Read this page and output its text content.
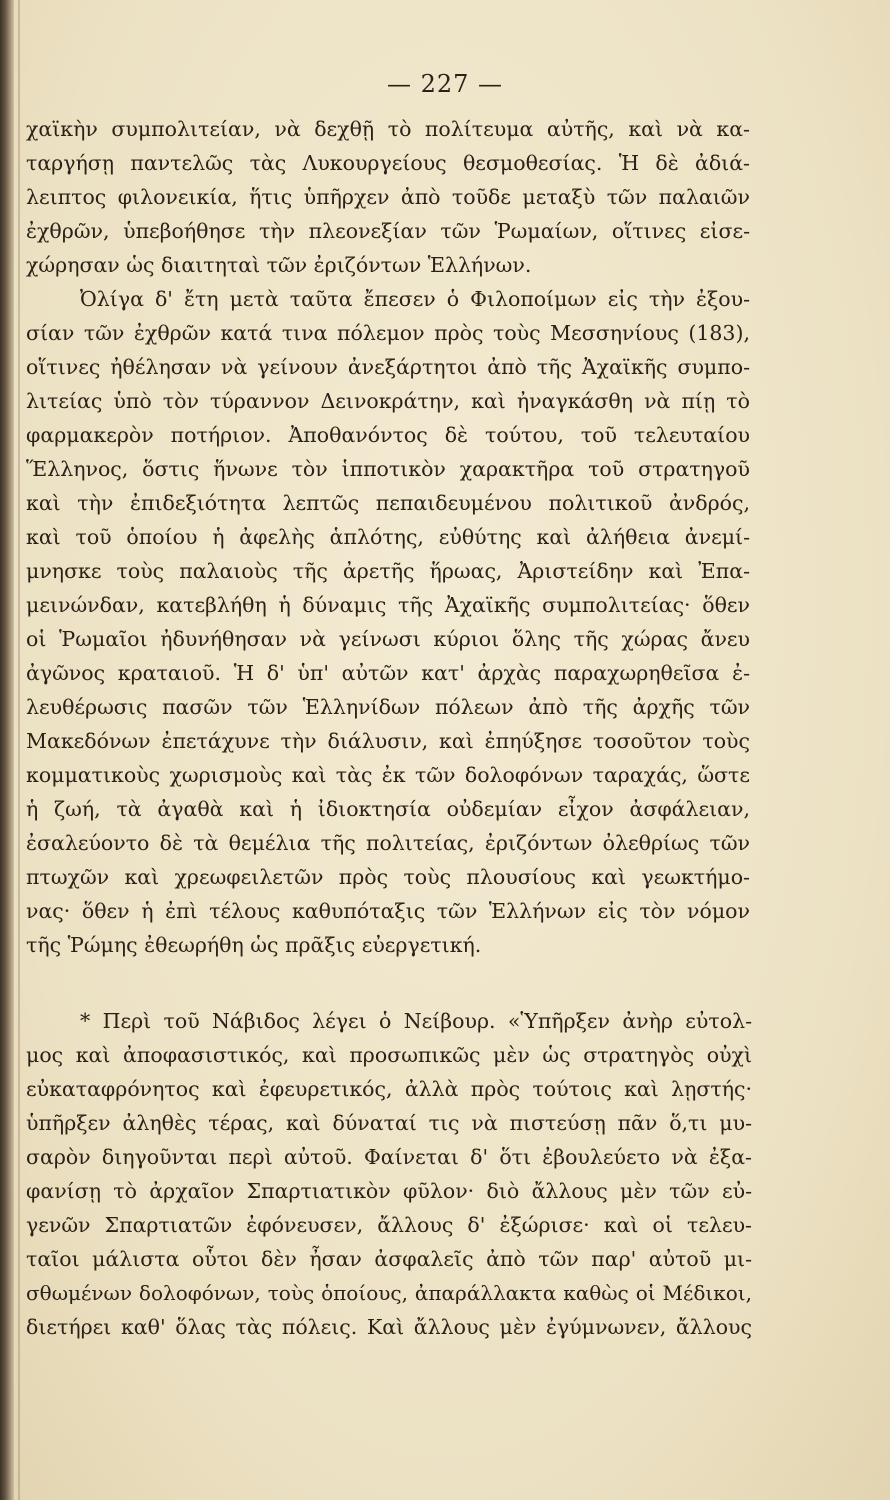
— 227 —
χαϊκὴν συμπολιτείαν, νὰ δεχθῇ τὸ πολίτευμα αὐτῆς, καὶ νὰ κα-
ταργήσῃ παντελῶς τὰς Λυκουργείους θεσμοθεσίας. Ἡ δὲ ἀδιά-
λειπτος φιλονεικία, ἥτις ὑπῆρχεν ἀπὸ τοῦδε μεταξὺ τῶν παλαιῶν
ἐχθρῶν, ὑπεβοήθησε τὴν πλεονεξίαν τῶν Ῥωμαίων, οἵτινες εἰσε-
χώρησαν ὡς διαιτηταὶ τῶν ἐριζόντων Ἑλλήνων.
Ὀλίγα δ' ἔτη μετὰ ταῦτα ἔπεσεν ὁ Φιλοποίμων εἰς τὴν ἐξου-
σίαν τῶν ἐχθρῶν κατά τινα πόλεμον πρὸς τοὺς Μεσσηνίους (183),
οἵτινες ἠθέλησαν νὰ γείνουν ἀνεξάρτητοι ἀπὸ τῆς Ἀχαϊκῆς συμπο-
λιτείας ὑπὸ τὸν τύραννον Δεινοκράτην, καὶ ἠναγκάσθη νὰ πίῃ τὸ
φαρμακερὸν ποτήριον. Ἀποθανόντος δὲ τούτου, τοῦ τελευταίου
Ἕλληνος, ὅστις ἥνωνε τὸν ἱπποτικὸν χαρακτῆρα τοῦ στρατηγοῦ
καὶ τὴν ἐπιδεξιότητα λεπτῶς πεπαιδευμένου πολιτικοῦ ἀνδρός,
καὶ τοῦ ὁποίου ἡ ἀφελὴς ἁπλότης, εὐθύτης καὶ ἀλήθεια ἀνεμί-
μνησκε τοὺς παλαιοὺς τῆς ἀρετῆς ἥρωας, Ἀριστείδην καὶ Ἐπα-
μεινώνδαν, κατεβλήθη ἡ δύναμις τῆς Ἀχαϊκῆς συμπολιτείας· ὅθεν
οἱ Ῥωμαῖοι ἠδυνήθησαν νὰ γείνωσι κύριοι ὅλης τῆς χώρας ἄνευ
ἀγῶνος κραταιοῦ. Ἡ δ' ὑπ' αὐτῶν κατ' ἀρχὰς παραχωρηθεῖσα ἐ-
λευθέρωσις πασῶν τῶν Ἑλληνίδων πόλεων ἀπὸ τῆς ἀρχῆς τῶν
Μακεδόνων ἐπετάχυνε τὴν διάλυσιν, καὶ ἐπηύξησε τοσοῦτον τοὺς
κομματικοὺς χωρισμοὺς καὶ τὰς ἐκ τῶν δολοφόνων ταραχάς, ὥστε
ἡ ζωή, τὰ ἀγαθὰ καὶ ἡ ἰδιοκτησία οὐδεμίαν εἶχον ἀσφάλειαν,
ἐσαλεύοντο δὲ τὰ θεμέλια τῆς πολιτείας, ἐριζόντων ὀλεθρίως τῶν
πτωχῶν καὶ χρεωφειλετῶν πρὸς τοὺς πλουσίους καὶ γεωκτήμο-
νας· ὅθεν ἡ ἐπὶ τέλους καθυπόταξις τῶν Ἑλλήνων εἰς τὸν νόμον
τῆς Ῥώμης ἐθεωρήθη ὡς πρᾶξις εὐεργετική.
* Περὶ τοῦ Νάβιδος λέγει ὁ Νείβουρ. «Ὑπῆρξεν ἀνὴρ εὐτολ-
μος καὶ ἀποφασιστικός, καὶ προσωπικῶς μὲν ὡς στρατηγὸς οὐχὶ
εὐκαταφρόνητος καὶ ἐφευρετικός, ἀλλὰ πρὸς τούτοις καὶ λῃστής·
ὑπῆρξεν ἀληθὲς τέρας, καὶ δύναταί τις νὰ πιστεύσῃ πᾶν ὅ,τι μυ-
σαρὸν διηγοῦνται περὶ αὐτοῦ. Φαίνεται δ' ὅτι ἐβουλεύετο νὰ ἐξα-
φανίσῃ τὸ ἀρχαῖον Σπαρτιατικὸν φῦλον· διὸ ἄλλους μὲν τῶν εὐ-
γενῶν Σπαρτιατῶν ἐφόνευσεν, ἄλλους δ' ἐξώρισε· καὶ οἱ τελευ-
ταῖοι μάλιστα οὗτοι δὲν ἦσαν ἀσφαλεῖς ἀπὸ τῶν παρ' αὐτοῦ μι-
σθωμένων δολοφόνων, τοὺς ὁποίους, ἀπαράλλακτα καθὼς οἱ Μέδικοι,
διετήρει καθ' ὅλας τὰς πόλεις. Καὶ ἄλλους μὲν ἐγύμνωνεν, ἄλλους
